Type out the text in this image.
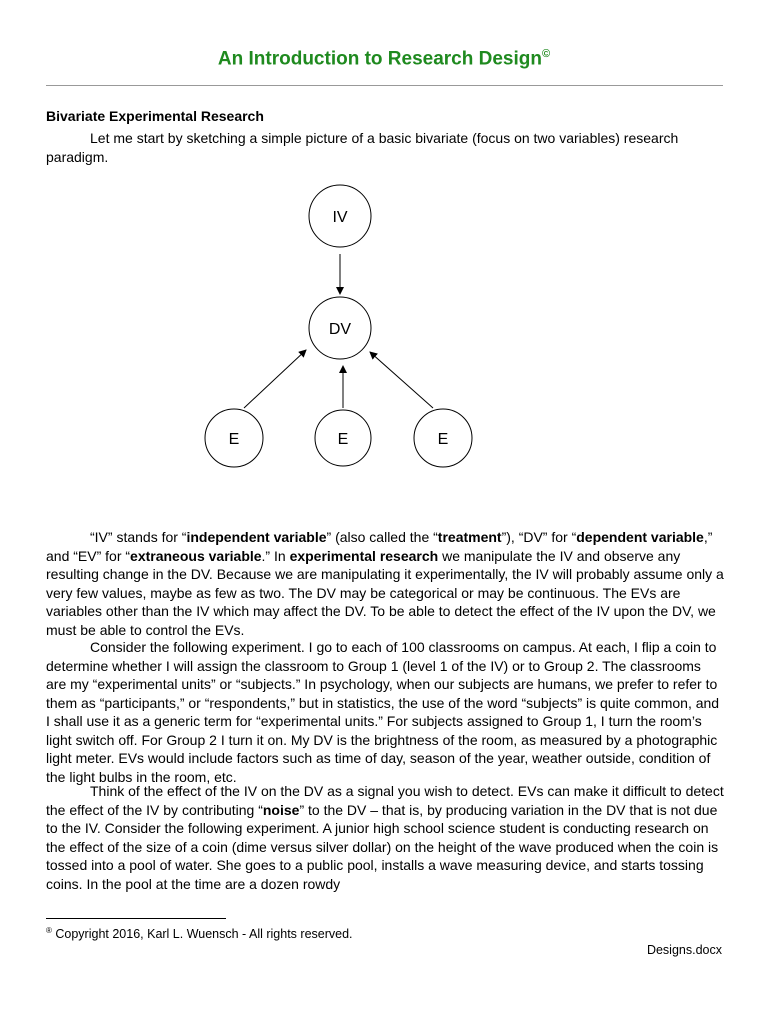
An Introduction to Research Design©
Bivariate Experimental Research

Let me start by sketching a simple picture of a basic bivariate (focus on two variables) research paradigm.

IV
DV
E	E	E

“IV” stands for “independent variable” (also called the “treatment”), “DV” for “dependent variable,” and “EV” for “extraneous variable.” In experimental research we manipulate the IV and observe any resulting change in the DV. Because we are manipulating it experimentally, the IV will probably assume only a very few values, maybe as few as two. The DV may be categorical or may be continuous. The EVs are variables other than the IV which may affect the DV. To be able to detect the effect of the IV upon the DV, we must be able to control the EVs.

Consider the following experiment. I go to each of 100 classrooms on campus. At each, I flip a coin to determine whether I will assign the classroom to Group 1 (level 1 of the IV) or to Group 2. The classrooms are my “experimental units” or “subjects.” In psychology, when our subjects are humans, we prefer to refer to them as “participants,” or “respondents,” but in statistics, the use of the word “subjects” is quite common, and I shall use it as a generic term for “experimental units.” For subjects assigned to Group 1, I turn the room’s light switch off. For Group 2 I turn it on. My DV is the brightness of the room, as measured by a photographic light meter. EVs would include factors such as time of day, season of the year, weather outside, condition of the light bulbs in the room, etc.

Think of the effect of the IV on the DV as a signal you wish to detect. EVs can make it difficult to detect the effect of the IV by contributing “noise” to the DV – that is, by producing variation in the DV that is not due to the IV. Consider the following experiment. A junior high school science student is conducting research on the effect of the size of a coin (dime versus silver dollar) on the height of the wave produced when the coin is tossed into a pool of water. She goes to a public pool, installs a wave measuring device, and starts tossing coins. In the pool at the time are a dozen rowdy

® Copyright 2016, Karl L. Wuensch - All rights reserved.
Designs.docx
